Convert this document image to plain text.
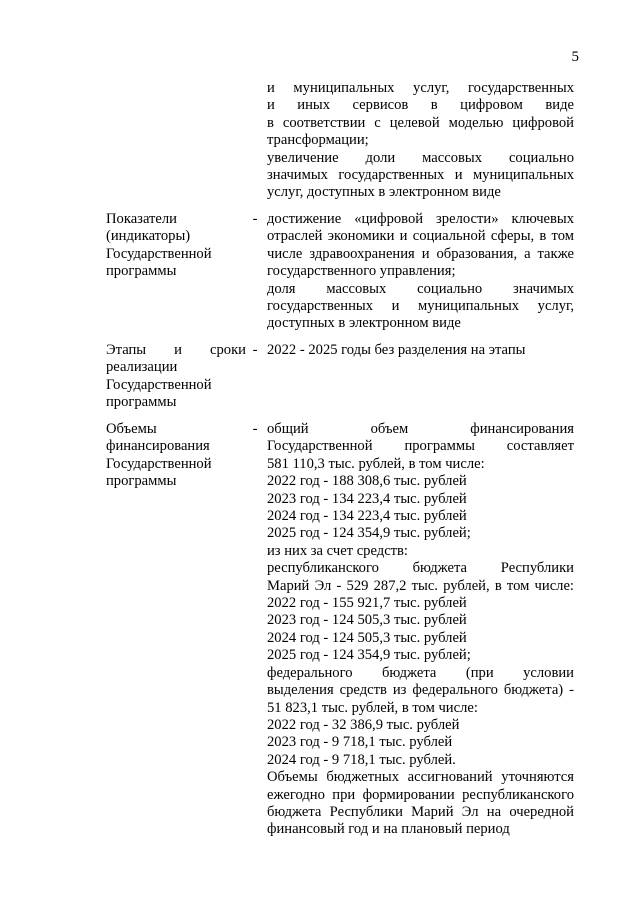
5
и муниципальных услуг, государственных
и иных сервисов в цифровом виде
в соответствии с целевой моделью цифровой
трансформации;
увеличение доли массовых социально
значимых государственных и муниципальных
услуг, доступных в электронном виде
Показатели
(индикаторы)
Государственной
программы
- достижение «цифровой зрелости» ключевых
отраслей экономики и социальной сферы, в том
числе здравоохранения и образования, а также
государственного управления;
доля массовых социально значимых
государственных и муниципальных услуг,
доступных в электронном виде
Этапы и сроки
реализации
Государственной
программы
- 2022 - 2025 годы без разделения на этапы
Объемы
финансирования
Государственной
программы
- общий объем финансирования
Государственной программы составляет
581 110,3 тыс. рублей, в том числе:
2022 год - 188 308,6 тыс. рублей
2023 год - 134 223,4 тыс. рублей
2024 год - 134 223,4 тыс. рублей
2025 год - 124 354,9 тыс. рублей;
из них за счет средств:
республиканского бюджета Республики
Марий Эл - 529 287,2 тыс. рублей, в том числе:
2022 год - 155 921,7 тыс. рублей
2023 год - 124 505,3 тыс. рублей
2024 год - 124 505,3 тыс. рублей
2025 год - 124 354,9 тыс. рублей;
федерального бюджета (при условии
выделения средств из федерального бюджета) -
51 823,1 тыс. рублей, в том числе:
2022 год - 32 386,9 тыс. рублей
2023 год - 9 718,1 тыс. рублей
2024 год - 9 718,1 тыс. рублей.
Объемы бюджетных ассигнований уточняются
ежегодно при формировании республиканского
бюджета Республики Марий Эл на очередной
финансовый год и на плановый период
